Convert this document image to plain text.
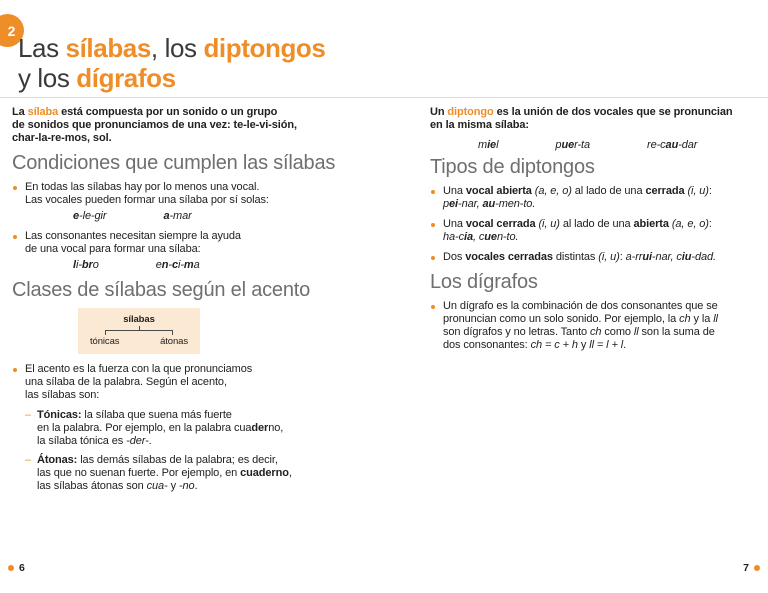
2
Las sílabas, los diptongos
y los dígrafos

La sílaba está compuesta por un sonido o un grupo
de sonidos que pronunciamos de una vez: te-le-vi-sión,
char-la-re-mos, sol.

Condiciones que cumplen las sílabas
En todas las sílabas hay por lo menos una vocal.
Las vocales pueden formar una sílaba por sí solas:
e-le-gir	a-mar
Las consonantes necesitan siempre la ayuda
de una vocal para formar una sílaba:
li-bro	en-ci-ma
Clases de sílabas según el acento
sílabas
tónicas	átonas
El acento es la fuerza con la que pronunciamos
una sílaba de la palabra. Según el acento,
las sílabas son:
– Tónicas: la sílaba que suena más fuerte
en la palabra. Por ejemplo, en la palabra cuaderno,
la sílaba tónica es -der-.
– Átonas: las demás sílabas de la palabra; es decir,
las que no suenan fuerte. Por ejemplo, en cuaderno,
las sílabas átonas son cua- y -no.

Un diptongo es la unión de dos vocales que se pronuncian
en la misma sílaba:

miel	puer-ta	re-cau-dar
Tipos de diptongos
Una vocal abierta (a, e, o) al lado de una cerrada (i, u):
pei-nar, au-men-to.
Una vocal cerrada (i, u) al lado de una abierta (a, e, o):
ha-cia, cuen-to.
Dos vocales cerradas distintas (i, u): a-rrui-nar, ciu-dad.
Los dígrafos
Un dígrafo es la combinación de dos consonantes que se
pronuncian como un solo sonido. Por ejemplo, la ch y la ll
son dígrafos y no letras. Tanto ch como ll son la suma de
dos consonantes: ch = c + h y ll = l + l.
6	7
